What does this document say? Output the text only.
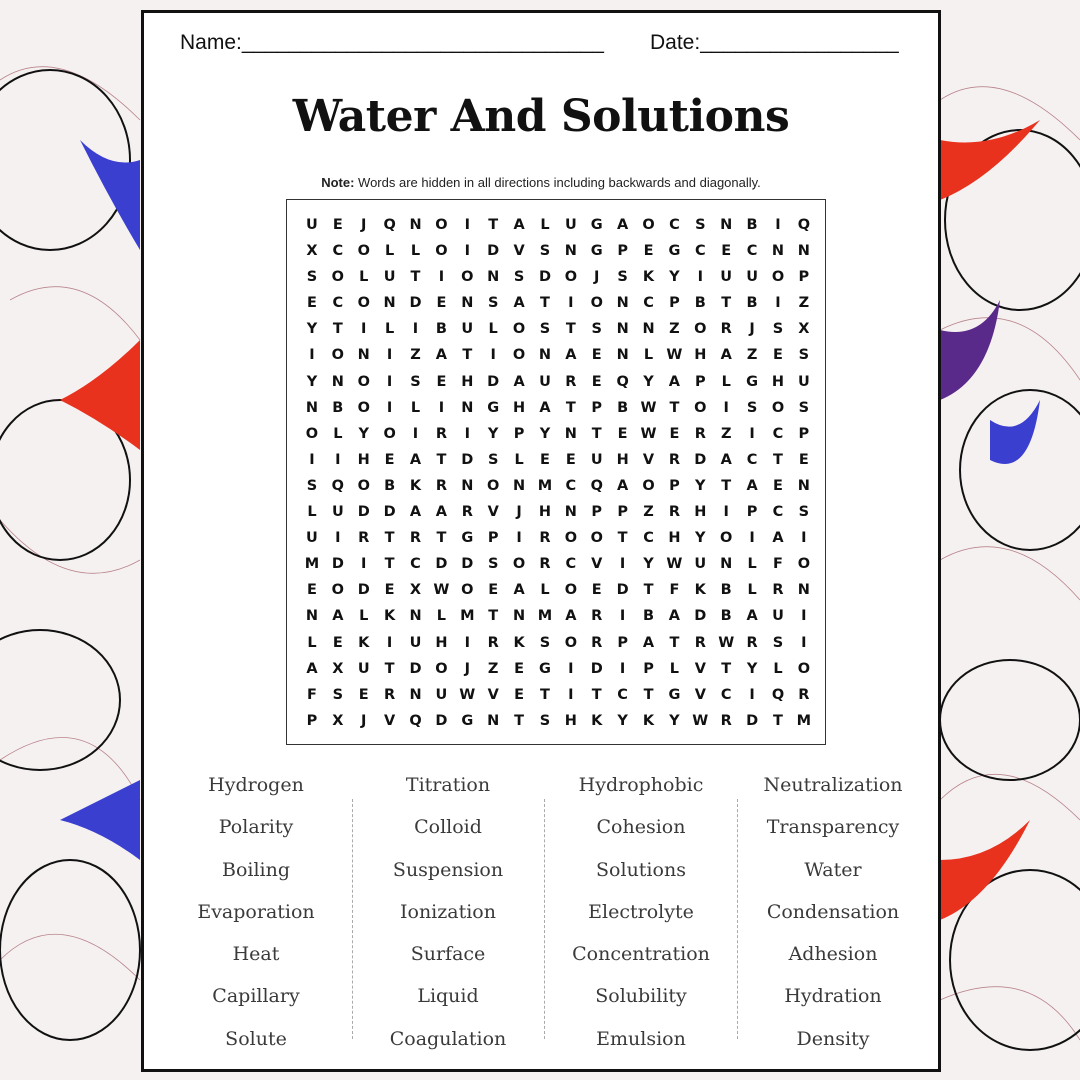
Name:_______________________________ Date:_________________
Water And Solutions
Note: Words are hidden in all directions including backwards and diagonally.
U	E	J	Q N O	I	T	A	L	U G A O C	S	N B	I	Q
X	C O	L	L	O	I	D V	S	N G	P	E	G	C	E	C	N N
S	O	L	U	T	I	O N	S	D O	J	S	K	Y	I	U U O P
E	C O N D	E	N	S	A	T	I	O N C	P	B	T	B	I	Z
Y	T	I	L	I	B U	L	O	S	T	S	N N	Z O R	J	S	X
I	O N	I	Z	A	T	I	O N A	E	N	L W H A	Z	E	S
Y	N O	I	S	E	H D A U R	E	Q Y	A	P	L	G H U
N B O	I	L	I	N G H A	T	P	B W T	O	I	S	O	S
O	L	Y O	I	R	I	Y	P	Y	N	T	E W E	R	Z	I	C	P
I	I	H	E	A	T	D	S	L	E	E	U H V	R D A	C	T	E
S	Q O B	K	R N O N M C Q A O P	Y	T	A	E	N
L	U D D A	A	R	V	J	H N	P	P	Z	R H	I	P	C	S
U	I	R	T	R	T	G	P	I	R O O	T	C	H	Y O	I	A	I
M D	I	T	C	D D	S	O R	C	V	I	Y W U N	L	F	O
E	O D	E	X W O	E	A	L	O	E	D	T	F	K	B	L	R N
N A	L	K N	L M T	N M A	R	I	B	A D B	A U	I
L	E	K	I	U H	I	R	K	S	O R	P	A	T	R W R	S	I
A	X U	T	D O	J	Z	E	G	I	D	I	P	L	V	T	Y	L	O
F	S	E	R N U W V	E	T	I	T	C	T	G V	C	I	Q R
P	X	J	V Q D G N	T	S	H K	Y	K	Y W R D	T M
Hydrogen
Polarity
Boiling
Evaporation
Heat
Capillary
Solute
Titration
Colloid
Suspension
Ionization
Surface
Liquid
Coagulation
Hydrophobic
Cohesion
Solutions
Electrolyte
Concentration
Solubility
Emulsion
Neutralization
Transparency
Water
Condensation
Adhesion
Hydration
Density
